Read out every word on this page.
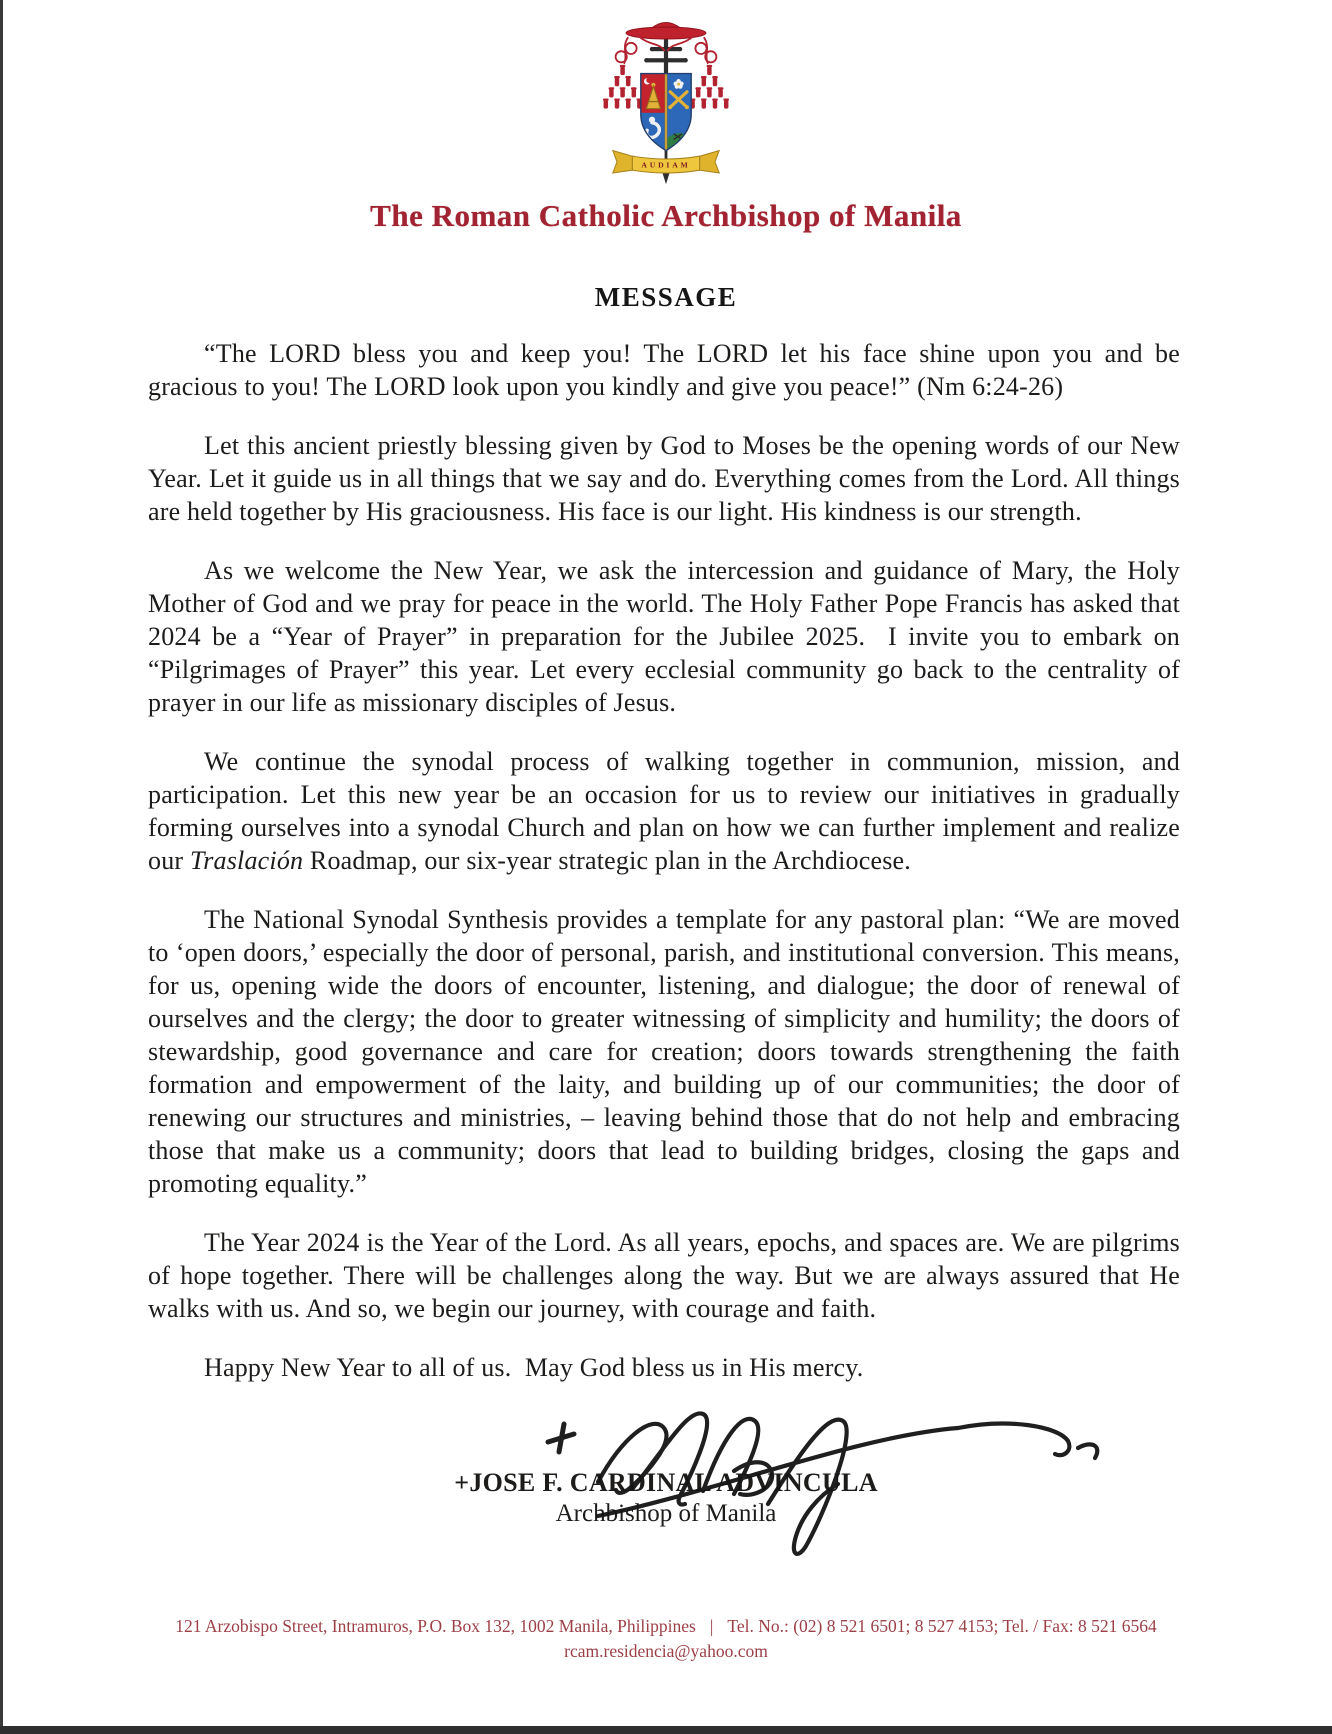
AUDIAM
The Roman Catholic Archbishop of Manila
MESSAGE

“The LORD bless you and keep you! The LORD let his face shine upon you and be gracious to you! The LORD look upon you kindly and give you peace!” (Nm 6:24-26)

Let this ancient priestly blessing given by God to Moses be the opening words of our New Year. Let it guide us in all things that we say and do. Everything comes from the Lord. All things are held together by His graciousness. His face is our light. His kindness is our strength.

As we welcome the New Year, we ask the intercession and guidance of Mary, the Holy Mother of God and we pray for peace in the world. The Holy Father Pope Francis has asked that 2024 be a “Year of Prayer” in preparation for the Jubilee 2025.  I invite you to embark on “Pilgrimages of Prayer” this year. Let every ecclesial community go back to the centrality of prayer in our life as missionary disciples of Jesus.

We continue the synodal process of walking together in communion, mission, and participation. Let this new year be an occasion for us to review our initiatives in gradually forming ourselves into a synodal Church and plan on how we can further implement and realize our Traslación Roadmap, our six-year strategic plan in the Archdiocese.

The National Synodal Synthesis provides a template for any pastoral plan: “We are moved to ‘open doors,’ especially the door of personal, parish, and institutional conversion. This means, for us, opening wide the doors of encounter, listening, and dialogue; the door of renewal of ourselves and the clergy; the door to greater witnessing of simplicity and humility; the doors of stewardship, good governance and care for creation; doors towards strengthening the faith formation and empowerment of the laity, and building up of our communities; the door of renewing our structures and ministries, – leaving behind those that do not help and embracing those that make us a community; doors that lead to building bridges, closing the gaps and promoting equality.”

The Year 2024 is the Year of the Lord. As all years, epochs, and spaces are. We are pilgrims of hope together. There will be challenges along the way. But we are always assured that He walks with us. And so, we begin our journey, with courage and faith.

Happy New Year to all of us.  May God bless us in His mercy.

+JOSE F. CARDINAL ADVINCULA
Archbishop of Manila
121 Arzobispo Street, Intramuros, P.O. Box 132, 1002 Manila, Philippines | Tel. No.: (02) 8 521 6501; 8 527 4153; Tel. / Fax: 8 521 6564
rcam.residencia@yahoo.com
